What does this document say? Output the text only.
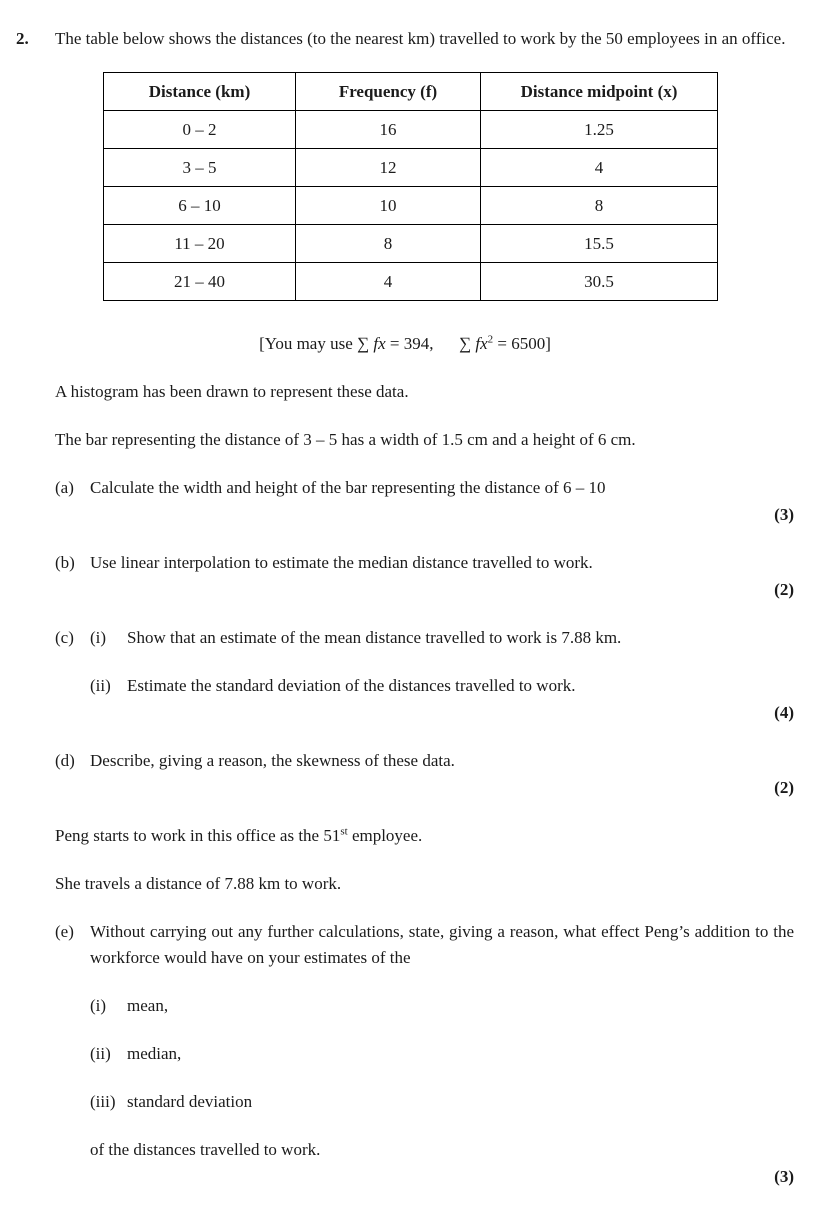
2.	The table below shows the distances (to the nearest km) travelled to work by the 50 employees in an office.

Distance (km)	Frequency (f)	Distance midpoint (x)
0 – 2	16	1.25
3 – 5	12	4
6 – 10	10	8
11 – 20	8	15.5
21 – 40	4	30.5

[You may use ∑ fx = 394,      ∑ $fx^2 = 6500$]

A histogram has been drawn to represent these data.

The bar representing the distance of 3 – 5 has a width of 1.5 cm and a height of 6 cm.

(a) Calculate the width and height of the bar representing the distance of 6 – 10

(3)
(b) Use linear interpolation to estimate the median distance travelled to work.

(2)
(c) (i)	Show that an estimate of the mean distance travelled to work is 7.88 km.

(ii) Estimate the standard deviation of the distances travelled to work.

(4)
(d) Describe, giving a reason, the skewness of these data.

(2)

Peng starts to work in this office as the 51st employee.

She travels a distance of 7.88 km to work.

(e) Without carrying out any further calculations, state, giving a reason, what effect Peng’s addition to the workforce would have on your estimates of the

(i)	mean,

(ii) median,

(iii) standard deviation

of the distances travelled to work.

(3)
